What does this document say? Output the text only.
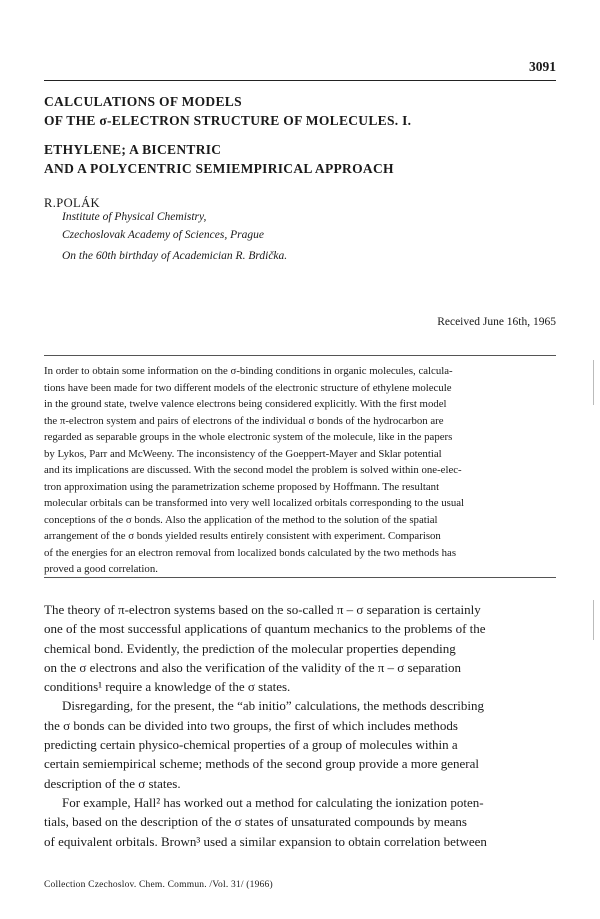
3091
CALCULATIONS OF MODELS
OF THE σ-ELECTRON STRUCTURE OF MOLECULES. I.
ETHYLENE; A BICENTRIC
AND A POLYCENTRIC SEMIEMPIRICAL APPROACH
R.POLÁK
Institute of Physical Chemistry,
Czechoslovak Academy of Sciences, Prague
On the 60th birthday of Academician R. Brdička.
Received June 16th, 1965
In order to obtain some information on the σ-binding conditions in organic molecules, calcula-
tions have been made for two different models of the electronic structure of ethylene molecule
in the ground state, twelve valence electrons being considered explicitly. With the first model
the π-electron system and pairs of electrons of the individual σ bonds of the hydrocarbon are
regarded as separable groups in the whole electronic system of the molecule, like in the papers
by Lykos, Parr and McWeeny. The inconsistency of the Goeppert-Mayer and Sklar potential
and its implications are discussed. With the second model the problem is solved within one-elec-
tron approximation using the parametrization scheme proposed by Hoffmann. The resultant
molecular orbitals can be transformed into very well localized orbitals corresponding to the usual
conceptions of the σ bonds. Also the application of the method to the solution of the spatial
arrangement of the σ bonds yielded results entirely consistent with experiment. Comparison
of the energies for an electron removal from localized bonds calculated by the two methods has
proved a good correlation.
The theory of π-electron systems based on the so-called π – σ separation is certainly
one of the most successful applications of quantum mechanics to the problems of the
chemical bond. Evidently, the prediction of the molecular properties depending
on the σ electrons and also the verification of the validity of the π – σ separation
conditions¹ require a knowledge of the σ states.
Disregarding, for the present, the “ab initio” calculations, the methods describing
the σ bonds can be divided into two groups, the first of which includes methods
predicting certain physico-chemical properties of a group of molecules within a
certain semiempirical scheme; methods of the second group provide a more general
description of the σ states.
For example, Hall² has worked out a method for calculating the ionization poten-
tials, based on the description of the σ states of unsaturated compounds by means
of equivalent orbitals. Brown³ used a similar expansion to obtain correlation between
Collection Czechoslov. Chem. Commun. /Vol. 31/ (1966)
